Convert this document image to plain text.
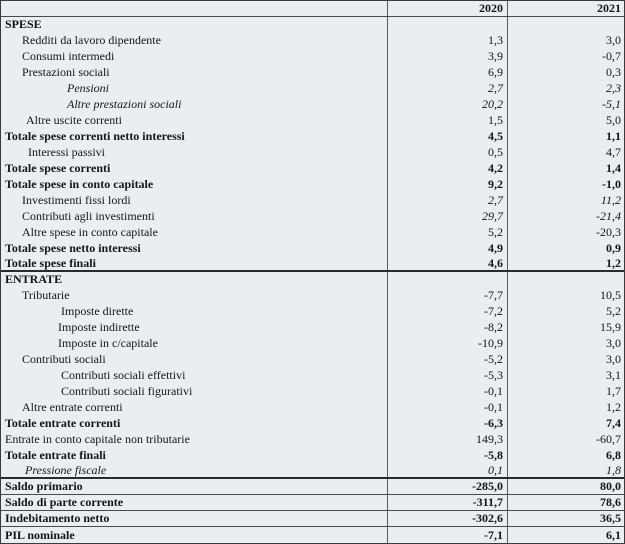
2020	2021
SPESE
Redditi da lavoro dipendente	1,3	3,0
Consumi intermedi	3,9	-0,7
Prestazioni sociali	6,9	0,3
Pensioni	2,7	2,3
Altre prestazioni sociali	20,2	-5,1
Altre uscite correnti	1,5	5,0
Totale spese correnti netto interessi	4,5	1,1
Interessi passivi	0,5	4,7
Totale spese correnti	4,2	1,4
Totale spese in conto capitale	9,2	-1,0
Investimenti fissi lordi	2,7	11,2
Contributi agli investimenti	29,7	-21,4
Altre spese in conto capitale	5,2	-20,3
Totale spese netto interessi	4,9	0,9
Totale spese finali	4,6	1,2
ENTRATE
Tributarie	-7,7	10,5
Imposte dirette	-7,2	5,2
Imposte indirette	-8,2	15,9
Imposte in c/capitale	-10,9	3,0
Contributi sociali	-5,2	3,0
Contributi sociali effettivi	-5,3	3,1
Contributi sociali figurativi	-0,1	1,7
Altre entrate correnti	-0,1	1,2
Totale entrate correnti	-6,3	7,4
Entrate in conto capitale non tributarie	149,3	-60,7
Totale entrate finali	-5,8	6,8
Pressione fiscale	0,1	1,8
Saldo primario	-285,0	80,0
Saldo di parte corrente	-311,7	78,6
Indebitamento netto	-302,6	36,5
PIL nominale	-7,1	6,1
